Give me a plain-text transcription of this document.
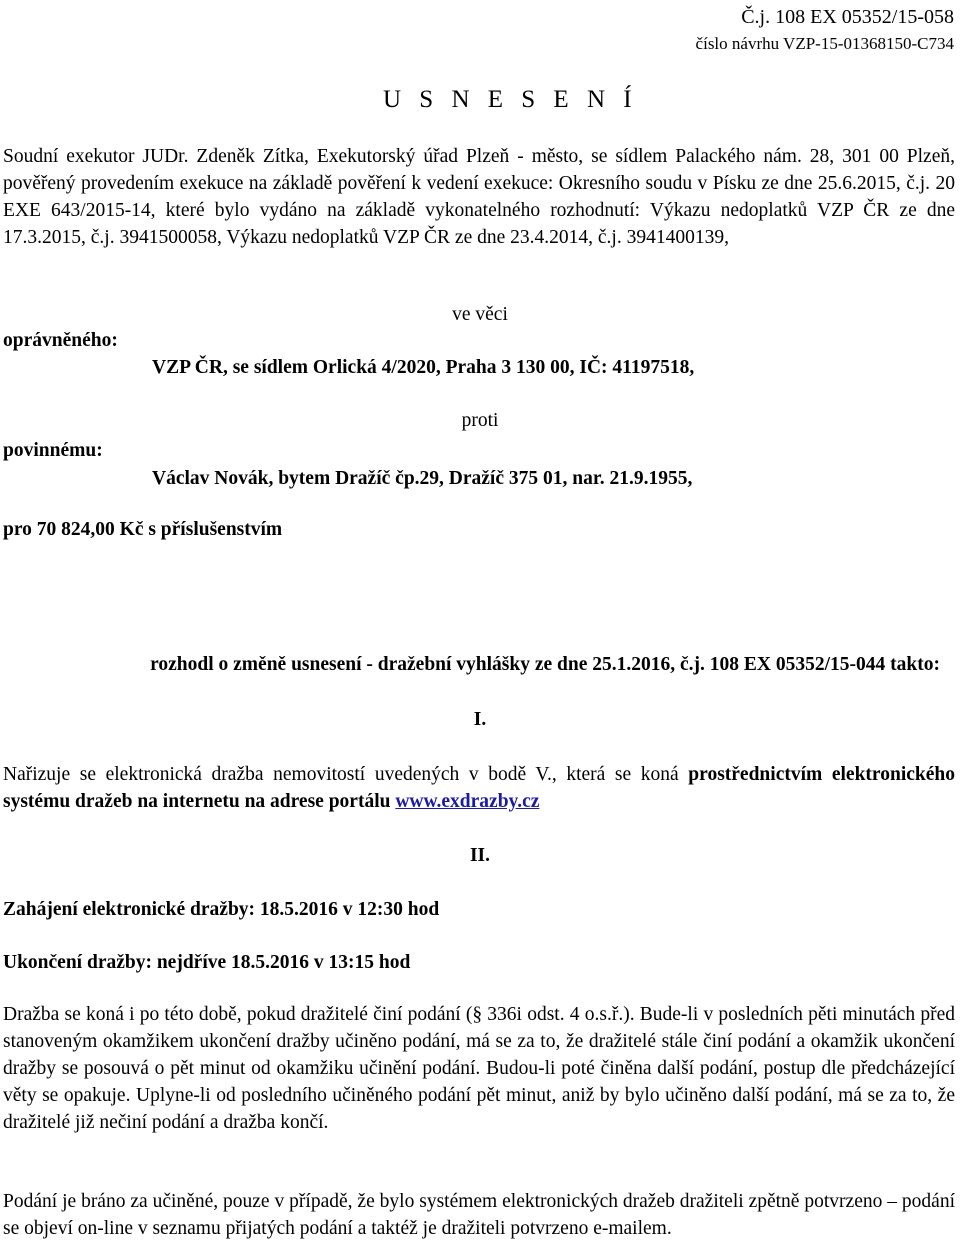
Č.j. 108 EX 05352/15-058
číslo návrhu VZP-15-01368150-C734
U S N E S E N Í
Soudní exekutor JUDr. Zdeněk Zítka, Exekutorský úřad Plzeň - město, se sídlem Palackého nám. 28, 301 00 Plzeň, pověřený provedením exekuce na základě pověření k vedení exekuce: Okresního soudu v Písku ze dne 25.6.2015, č.j. 20 EXE 643/2015-14, které bylo vydáno na základě vykonatelného rozhodnutí: Výkazu nedoplatků VZP ČR ze dne 17.3.2015, č.j. 3941500058, Výkazu nedoplatků VZP ČR ze dne 23.4.2014, č.j. 3941400139,
ve věci
oprávněného:
VZP ČR, se sídlem Orlická 4/2020, Praha 3 130 00, IČ: 41197518,
proti
povinnému:
Václav Novák, bytem Dražíč čp.29, Dražíč 375 01, nar. 21.9.1955,
pro 70 824,00 Kč s příslušenstvím
rozhodl o změně usnesení - dražební vyhlášky ze dne 25.1.2016, č.j. 108 EX 05352/15-044 takto:
I.
Nařizuje se elektronická dražba nemovitostí uvedených v bodě V., která se koná prostřednictvím elektronického systému dražeb na internetu na adrese portálu www.exdrazby.cz
II.
Zahájení elektronické dražby: 18.5.2016 v 12:30 hod
Ukončení dražby: nejdříve 18.5.2016 v 13:15 hod
Dražba se koná i po této době, pokud dražitelé činí podání (§ 336i odst. 4 o.s.ř.). Bude-li v posledních pěti minutách před stanoveným okamžikem ukončení dražby učiněno podání, má se za to, že dražitelé stále činí podání a okamžik ukončení dražby se posouvá o pět minut od okamžiku učinění podání. Budou-li poté činěna další podání, postup dle předcházející věty se opakuje. Uplyne-li od posledního učiněného podání pět minut, aniž by bylo učiněno další podání, má se za to, že dražitelé již nečiní podání a dražba končí.
Podání je bráno za učiněné, pouze v případě, že bylo systémem elektronických dražeb dražiteli zpětně potvrzeno – podání se objeví on-line v seznamu přijatých podání a taktéž je dražiteli potvrzeno e-mailem.
